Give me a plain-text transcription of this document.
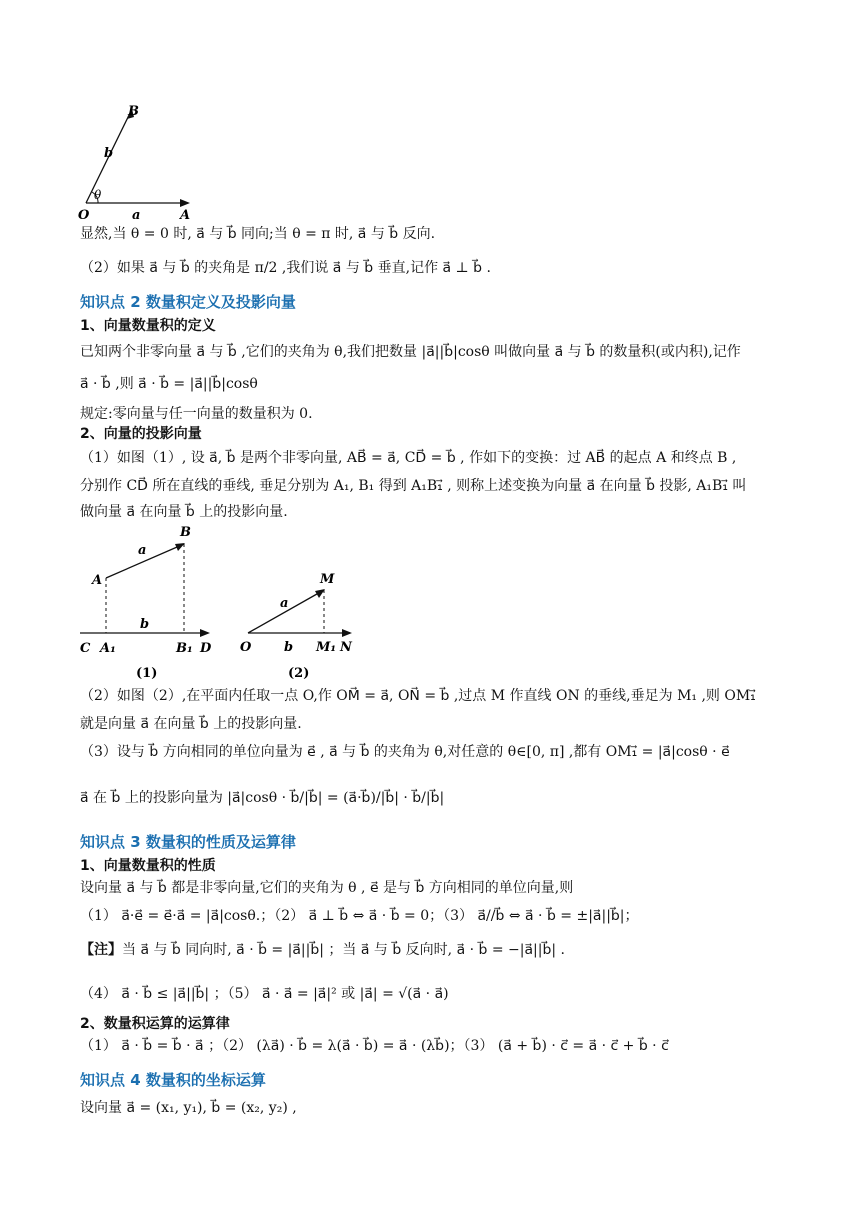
B
b
θ
O	a	A
显然,当 θ = 0 时, a⃗ 与 b⃗ 同向;当 θ = π 时, a⃗ 与 b⃗ 反向.
（2）如果 a⃗ 与 b⃗ 的夹角是 π/2 ,我们说 a⃗ 与 b⃗ 垂直,记作 a⃗ ⊥ b⃗ .
知识点 2 数量积定义及投影向量
1、向量数量积的定义
已知两个非零向量 a⃗ 与 b⃗ ,它们的夹角为 θ,我们把数量 |a⃗||b⃗|cosθ 叫做向量 a⃗ 与 b⃗ 的数量积(或内积),记作
a⃗ · b⃗ ,则 a⃗ · b⃗ = |a⃗||b⃗|cosθ
规定:零向量与任一向量的数量积为 0.
2、向量的投影向量
（1）如图（1）, 设 a⃗, b⃗ 是两个非零向量, AB⃗ = a⃗, CD⃗ = b⃗ , 作如下的变换：过 AB⃗ 的起点 A 和终点 B ,
分别作 CD⃗ 所在直线的垂线, 垂足分别为 A₁, B₁ 得到 A₁B₁⃗ , 则称上述变换为向量 a⃗ 在向量 b⃗ 投影, A₁B₁⃗ 叫
做向量 a⃗ 在向量 b⃗ 上的投影向量.
a
B
A
b
C A₁	B₁ D
(1)
M
a
O	b M₁ N
(2)
（2）如图（2）,在平面内任取一点 O,作 OM⃗ = a⃗, ON⃗ = b⃗ ,过点 M 作直线 ON 的垂线,垂足为 M₁ ,则 OM₁⃗
就是向量 a⃗ 在向量 b⃗ 上的投影向量.
（3）设与 b⃗ 方向相同的单位向量为 e⃗ , a⃗ 与 b⃗ 的夹角为 θ,对任意的 θ∈[0, π] ,都有 OM₁⃗ = |a⃗|cosθ · e⃗
a⃗ 在 b⃗ 上的投影向量为 |a⃗|cosθ · b⃗/|b⃗| = (a⃗·b⃗)/|b⃗| · b⃗/|b⃗|
知识点 3 数量积的性质及运算律
1、向量数量积的性质
设向量 a⃗ 与 b⃗ 都是非零向量,它们的夹角为 θ , e⃗ 是与 b⃗ 方向相同的单位向量,则
（1） a⃗·e⃗ = e⃗·a⃗ = |a⃗|cosθ.；（2） a⃗ ⊥ b⃗ ⇔ a⃗ · b⃗ = 0；（3） a⃗//b⃗ ⇔ a⃗ · b⃗ = ±|a⃗||b⃗|；
【注】当 a⃗ 与 b⃗ 同向时, a⃗ · b⃗ = |a⃗||b⃗| ；当 a⃗ 与 b⃗ 反向时, a⃗ · b⃗ = −|a⃗||b⃗| .
（4） a⃗ · b⃗ ≤ |a⃗||b⃗| ；（5） a⃗ · a⃗ = |a⃗|² 或 |a⃗| = √(a⃗ · a⃗)
2、数量积运算的运算律
（1） a⃗ · b⃗ = b⃗ · a⃗ ；（2） (λa⃗) · b⃗ = λ(a⃗ · b⃗) = a⃗ · (λb⃗)；（3） (a⃗ + b⃗) · c⃗ = a⃗ · c⃗ + b⃗ · c⃗
知识点 4 数量积的坐标运算
设向量 a⃗ = (x₁, y₁), b⃗ = (x₂, y₂) ,
